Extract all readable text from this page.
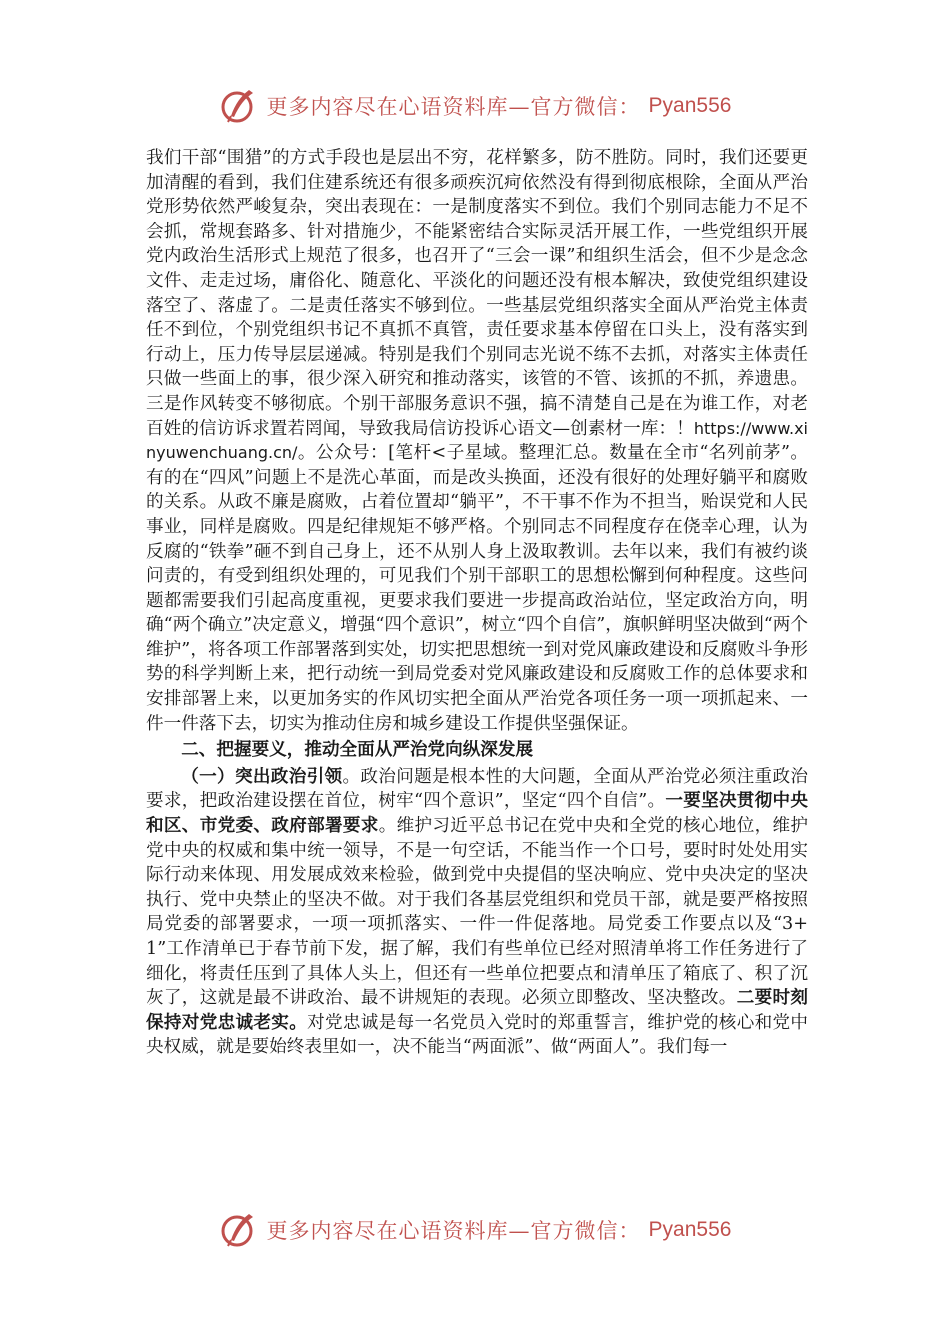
更多内容尽在心语资料库—官方微信： Pyan556

我们干部“围猎”的方式手段也是层出不穷，花样繁多，防不胜防。同时，我们还要更加清醒的看到，我们住建系统还有很多顽疾沉疴依然没有得到彻底根除，全面从严治党形势依然严峻复杂，突出表现在：一是制度落实不到位。我们个别同志能力不足不会抓，常规套路多、针对措施少，不能紧密结合实际灵活开展工作，一些党组织开展党内政治生活形式上规范了很多，也召开了“三会一课”和组织生活会，但不少是念念文件、走走过场，庸俗化、随意化、平淡化的问题还没有根本解决，致使党组织建设落空了、落虚了。二是责任落实不够到位。一些基层党组织落实全面从严治党主体责任不到位，个别党组织书记不真抓不真管，责任要求基本停留在口头上，没有落实到行动上，压力传导层层递减。特别是我们个别同志光说不练不去抓，对落实主体责任只做一些面上的事，很少深入研究和推动落实，该管的不管、该抓的不抓，养遗患。三是作风转变不够彻底。个别干部服务意识不强，搞不清楚自己是在为谁工作，对老百姓的信访诉求置若罔闻，导致我局信访投诉心语文—创素材一库：！https://www.xinyuwenchuang.cn/。公众号：[笔杆<子星域。整理汇总。数量在全市“名列前茅”。有的在“四风”问题上不是洗心革面，而是改头换面，还没有很好的处理好躺平和腐败的关系。从政不廉是腐败，占着位置却“躺平”，不干事不作为不担当，贻误党和人民事业，同样是腐败。四是纪律规矩不够严格。个别同志不同程度存在侥幸心理，认为反腐的“铁拳”砸不到自己身上，还不从别人身上汲取教训。去年以来，我们有被约谈问责的，有受到组织处理的，可见我们个别干部职工的思想松懈到何种程度。这些问题都需要我们引起高度重视，更要求我们要进一步提高政治站位，坚定政治方向，明确“两个确立”决定意义，增强“四个意识”，树立“四个自信”，旗帜鲜明坚决做到“两个维护”，将各项工作部署落到实处，切实把思想统一到对党风廉政建设和反腐败斗争形势的科学判断上来，把行动统一到局党委对党风廉政建设和反腐败工作的总体要求和安排部署上来，以更加务实的作风切实把全面从严治党各项任务一项一项抓起来、一件一件落下去，切实为推动住房和城乡建设工作提供坚强保证。

二、把握要义，推动全面从严治党向纵深发展

（一）突出政治引领。政治问题是根本性的大问题，全面从严治党必须注重政治要求，把政治建设摆在首位，树牢“四个意识”，坚定“四个自信”。一要坚决贯彻中央和区、市党委、政府部署要求。维护习近平总书记在党中央和全党的核心地位，维护党中央的权威和集中统一领导，不是一句空话，不能当作一个口号，要时时处处用实际行动来体现、用发展成效来检验，做到党中央提倡的坚决响应、党中央决定的坚决执行、党中央禁止的坚决不做。对于我们各基层党组织和党员干部，就是要严格按照局党委的部署要求，一项一项抓落实、一件一件促落地。局党委工作要点以及“3+1”工作清单已于春节前下发，据了解，我们有些单位已经对照清单将工作任务进行了细化，将责任压到了具体人头上，但还有一些单位把要点和清单压了箱底了、积了沉灰了，这就是最不讲政治、最不讲规矩的表现。必须立即整改、坚决整改。二要时刻保持对党忠诚老实。对党忠诚是每一名党员入党时的郑重誓言，维护党的核心和党中央权威，就是要始终表里如一，决不能当“两面派”、做“两面人”。我们每一

更多内容尽在心语资料库—官方微信： Pyan556
